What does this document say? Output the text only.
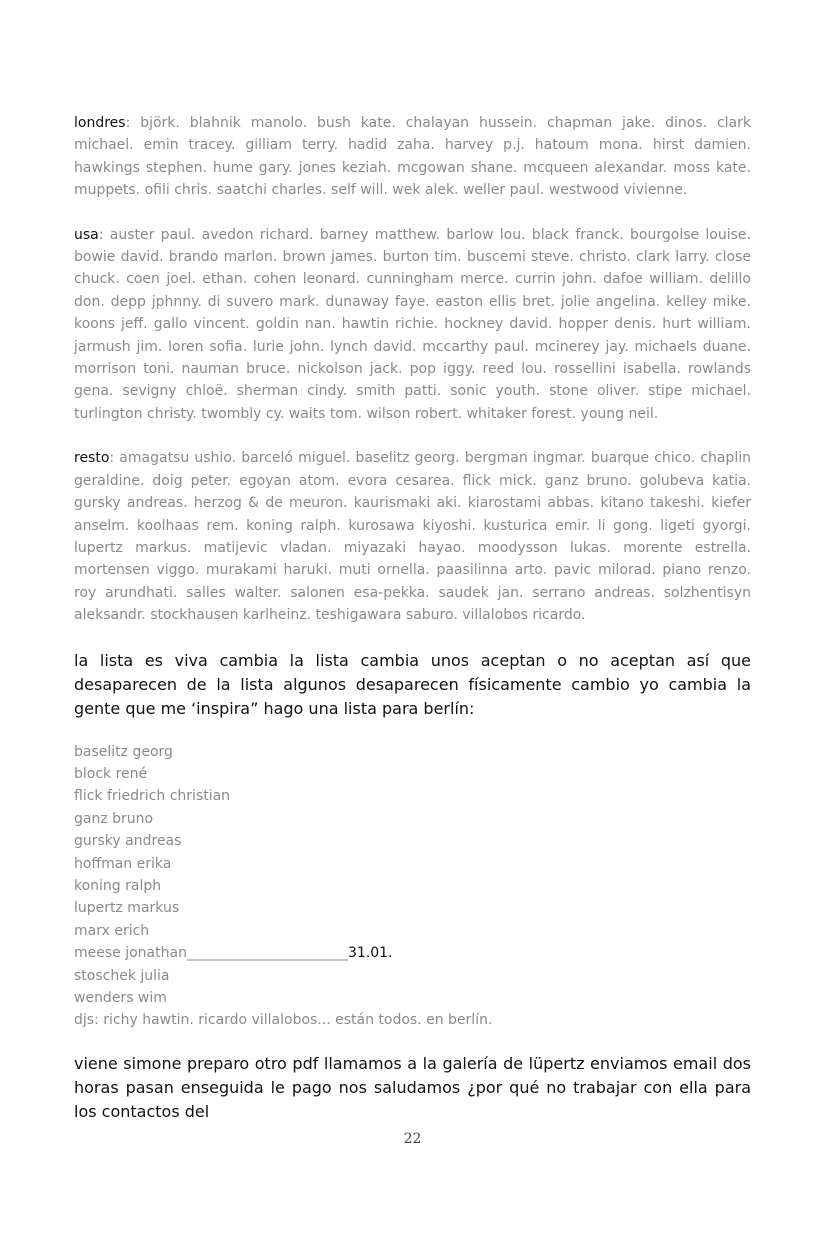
londres: björk. blahnik manolo. bush kate. chalayan hussein. chapman jake. dinos. clark michael. emin tracey. gilliam terry. hadid zaha. harvey p.j. hatoum mona. hirst damien. hawkings stephen. hume gary. jones keziah. mcgowan shane. mcqueen alexandar. moss kate. muppets. ofili chris. saatchi charles. self will. wek alek. weller paul. westwood vivienne.

usa: auster paul. avedon richard. barney matthew. barlow lou. black franck. bourgoise louise. bowie david. brando marlon. brown james. burton tim. buscemi steve. christo. clark larry. close chuck. coen joel. ethan. cohen leonard. cunningham merce. currin john. dafoe william. delillo don. depp jphnny. di suvero mark. dunaway faye. easton ellis bret. jolie angelina. kelley mike. koons jeff. gallo vincent. goldin nan. hawtin richie. hockney david. hopper denis. hurt william. jarmush jim. loren sofia. lurie john. lynch david. mccarthy paul. mcinerey jay. michaels duane. morrison toni. nauman bruce. nickolson jack. pop iggy. reed lou. rossellini isabella. rowlands gena. sevigny chloë. sherman cindy. smith patti. sonic youth. stone oliver. stipe michael. turlington christy. twombly cy. waits tom. wilson robert. whitaker forest. young neil.

resto: amagatsu ushio. barceló miguel. baselitz georg. bergman ingmar. buarque chico. chaplin geraldine. doig peter. egoyan atom. evora cesarea. flick mick. ganz bruno. golubeva katia. gursky andreas. herzog & de meuron. kaurismaki aki. kiarostami abbas. kitano takeshi. kiefer anselm. koolhaas rem. koning ralph. kurosawa kiyoshi. kusturica emir. li gong. ligeti gyorgi. lupertz markus. matijevic vladan. miyazaki hayao. moodysson lukas. morente estrella. mortensen viggo. murakami haruki. muti ornella. paasilinna arto. pavic milorad. piano renzo. roy arundhati. salles walter. salonen esa-pekka. saudek jan. serrano andreas. solzhentisyn aleksandr. stockhausen karlheinz. teshigawara saburo. villalobos ricardo.

la lista es viva cambia la lista cambia unos aceptan o no aceptan así que desaparecen de la lista algunos desaparecen físicamente cambio yo cambia la gente que me ‘inspira” hago una lista para berlín:

baselitz georg
block rené
flick friedrich christian
ganz bruno
gursky andreas
hoffman erika
koning ralph
lupertz markus
marx erich
meese jonathan_______________________31.01.
stoschek julia
wenders wim

djs: richy hawtin. ricardo villalobos... están todos. en berlín.

viene simone preparo otro pdf llamamos a la galería de lüpertz enviamos email dos horas pasan enseguida le pago nos saludamos ¿por qué no trabajar con ella para los contactos del

22
